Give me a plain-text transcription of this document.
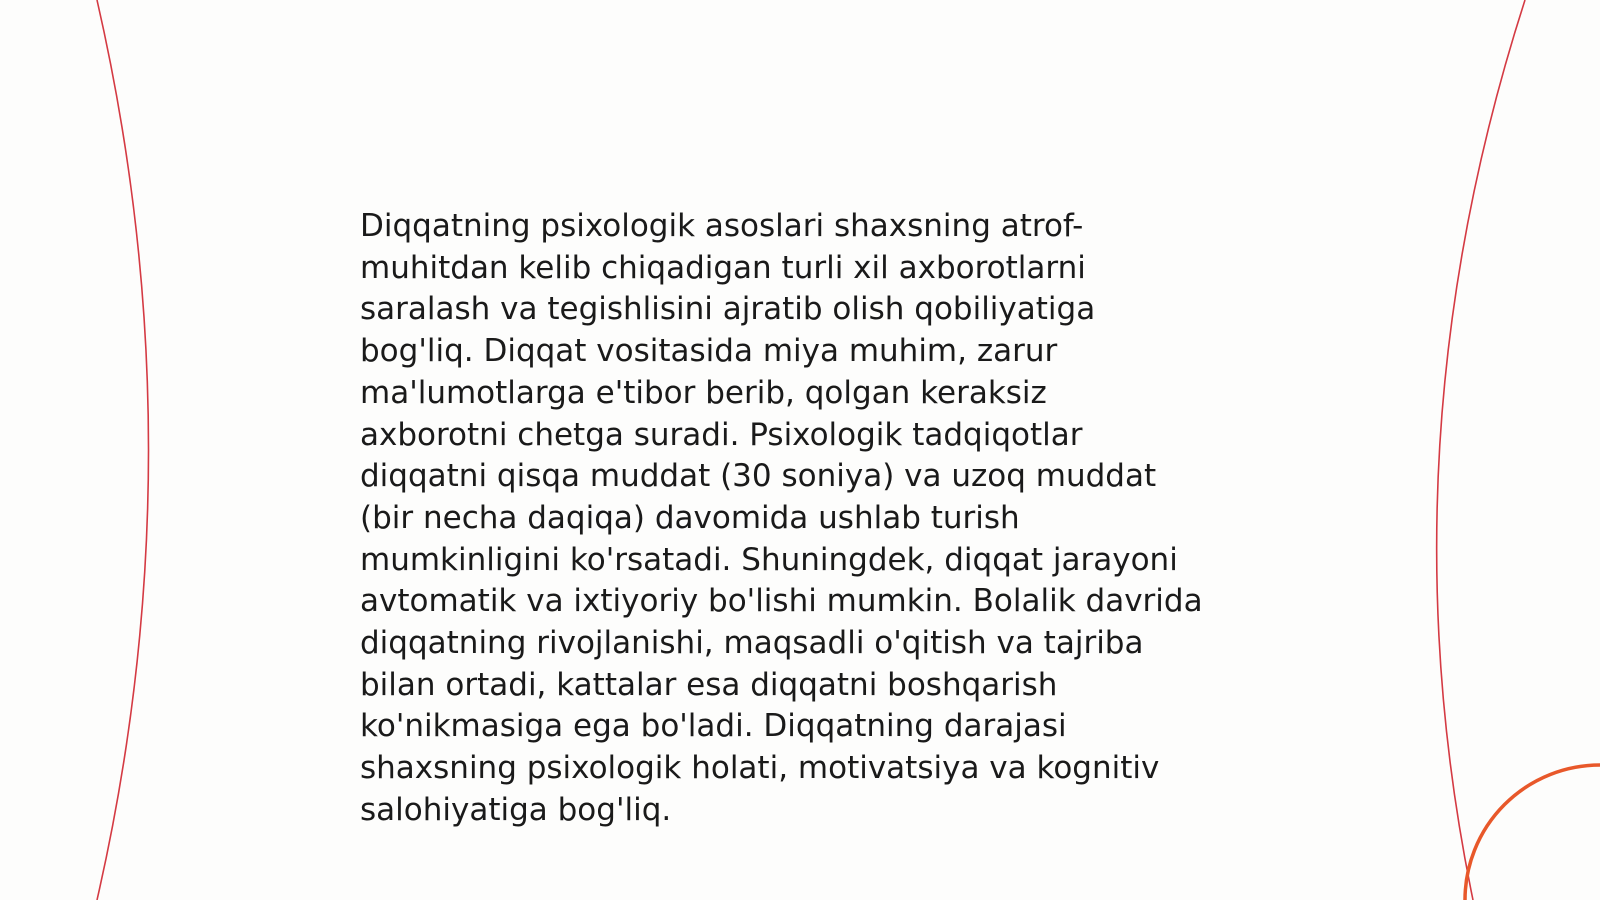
Diqqatning psixologik asoslari shaxsning atrof-
muhitdan kelib chiqadigan turli xil axborotlarni
saralash va tegishlisini ajratib olish qobiliyatiga
bog'liq. Diqqat vositasida miya muhim, zarur
ma'lumotlarga e'tibor berib, qolgan keraksiz
axborotni chetga suradi. Psixologik tadqiqotlar
diqqatni qisqa muddat (30 soniya) va uzoq muddat
(bir necha daqiqa) davomida ushlab turish
mumkinligini ko'rsatadi. Shuningdek, diqqat jarayoni
avtomatik va ixtiyoriy bo'lishi mumkin. Bolalik davrida
diqqatning rivojlanishi, maqsadli o'qitish va tajriba
bilan ortadi, kattalar esa diqqatni boshqarish
ko'nikmasiga ega bo'ladi. Diqqatning darajasi
shaxsning psixologik holati, motivatsiya va kognitiv
salohiyatiga bog'liq.
